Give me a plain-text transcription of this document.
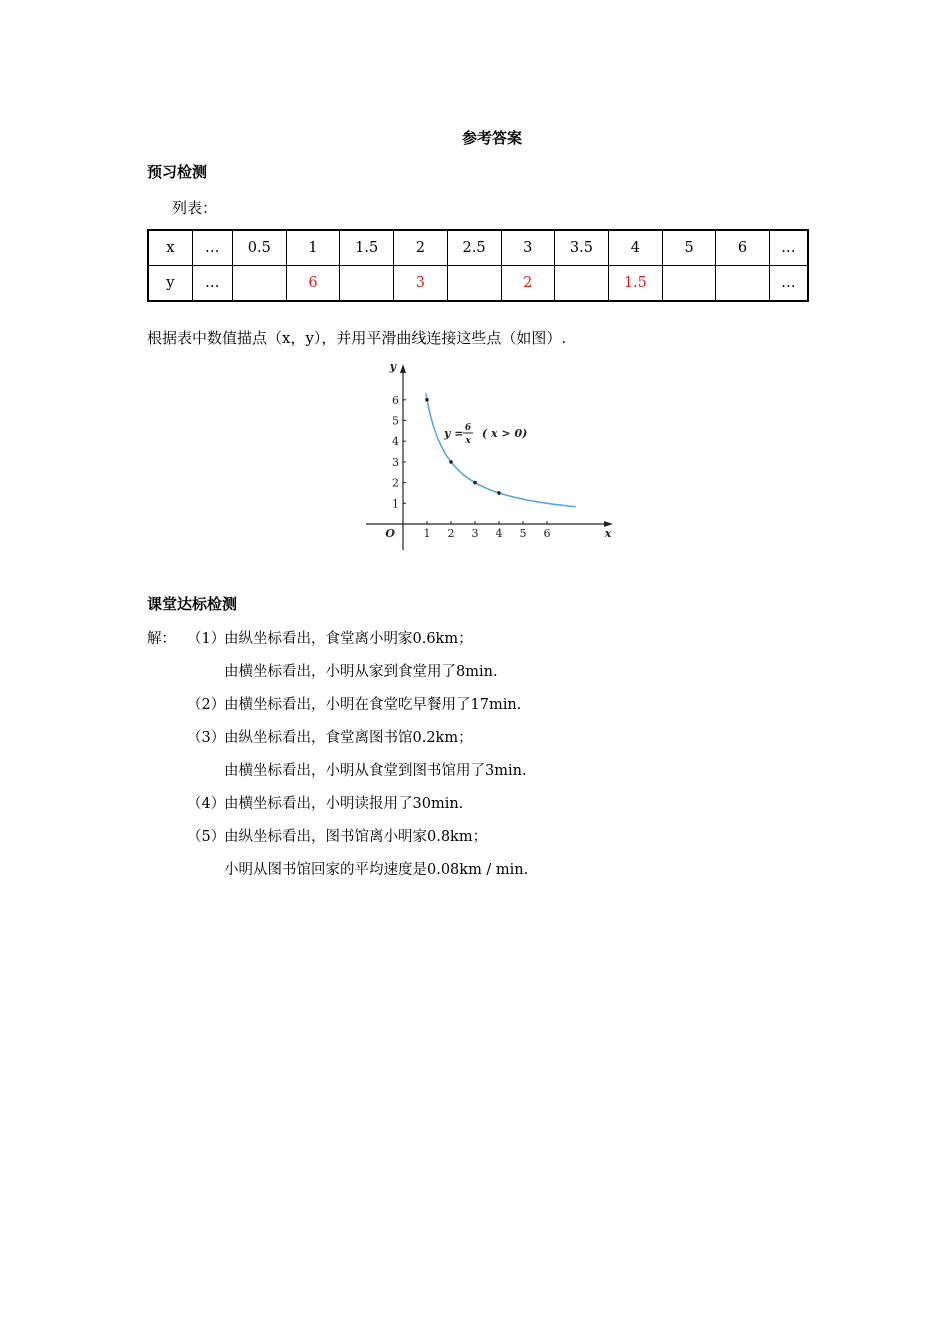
参考答案
预习检测
列表：
x	…	0.5	1	1.5	2	2.5	3	3.5	4	5	6	…
y	…		6		3		2		1.5			…
根据表中数值描点（x，y），并用平滑曲线连接这些点（如图）.
1 2 3 4 5 6
1
2
3
4
5
6
O	x
y
y = 6
x
( x > 0)
课堂达标检测
解： （1）
由纵坐标看出，食堂离小明家0.6km；
由横坐标看出，小明从家到食堂用了8min.
（2）
由横坐标看出，小明在食堂吃早餐用了17min.
（3）
由纵坐标看出，食堂离图书馆0.2km；
由横坐标看出，小明从食堂到图书馆用了3min.
（4）
由横坐标看出，小明读报用了30min.
（5）
由纵坐标看出，图书馆离小明家0.8km；
小明从图书馆回家的平均速度是0.08km / min.
